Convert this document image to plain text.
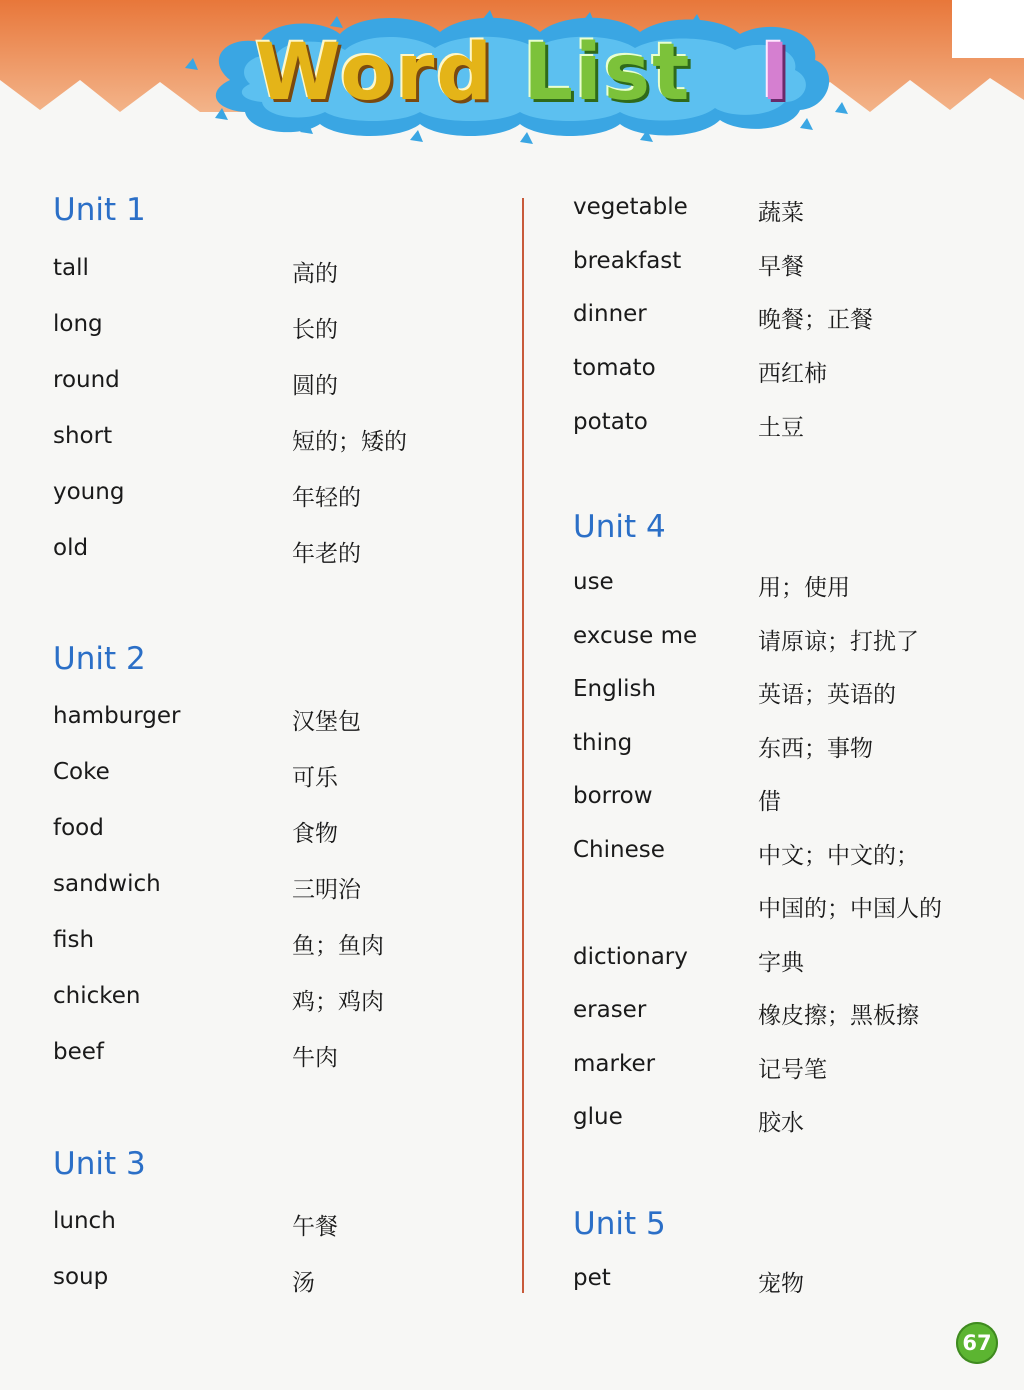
Word List I
Unit 1
tall	高的
long	长的
round	圆的
short	短的；矮的
young	年轻的
old	年老的
Unit 2
hamburger	汉堡包
Coke	可乐
food	食物
sandwich	三明治
fish	鱼；鱼肉
chicken	鸡；鸡肉
beef	牛肉
Unit 3
lunch	午餐
soup	汤
vegetable	蔬菜
breakfast	早餐
dinner	晚餐；正餐
tomato	西红柿
potato	土豆
Unit 4
use	用；使用
excuse me	请原谅；打扰了
English	英语；英语的
thing	东西；事物
borrow	借
Chinese	中文；中文的；
中国的；中国人的
dictionary	字典
eraser	橡皮擦；黑板擦
marker	记号笔
glue	胶水
Unit 5
pet	宠物
67
